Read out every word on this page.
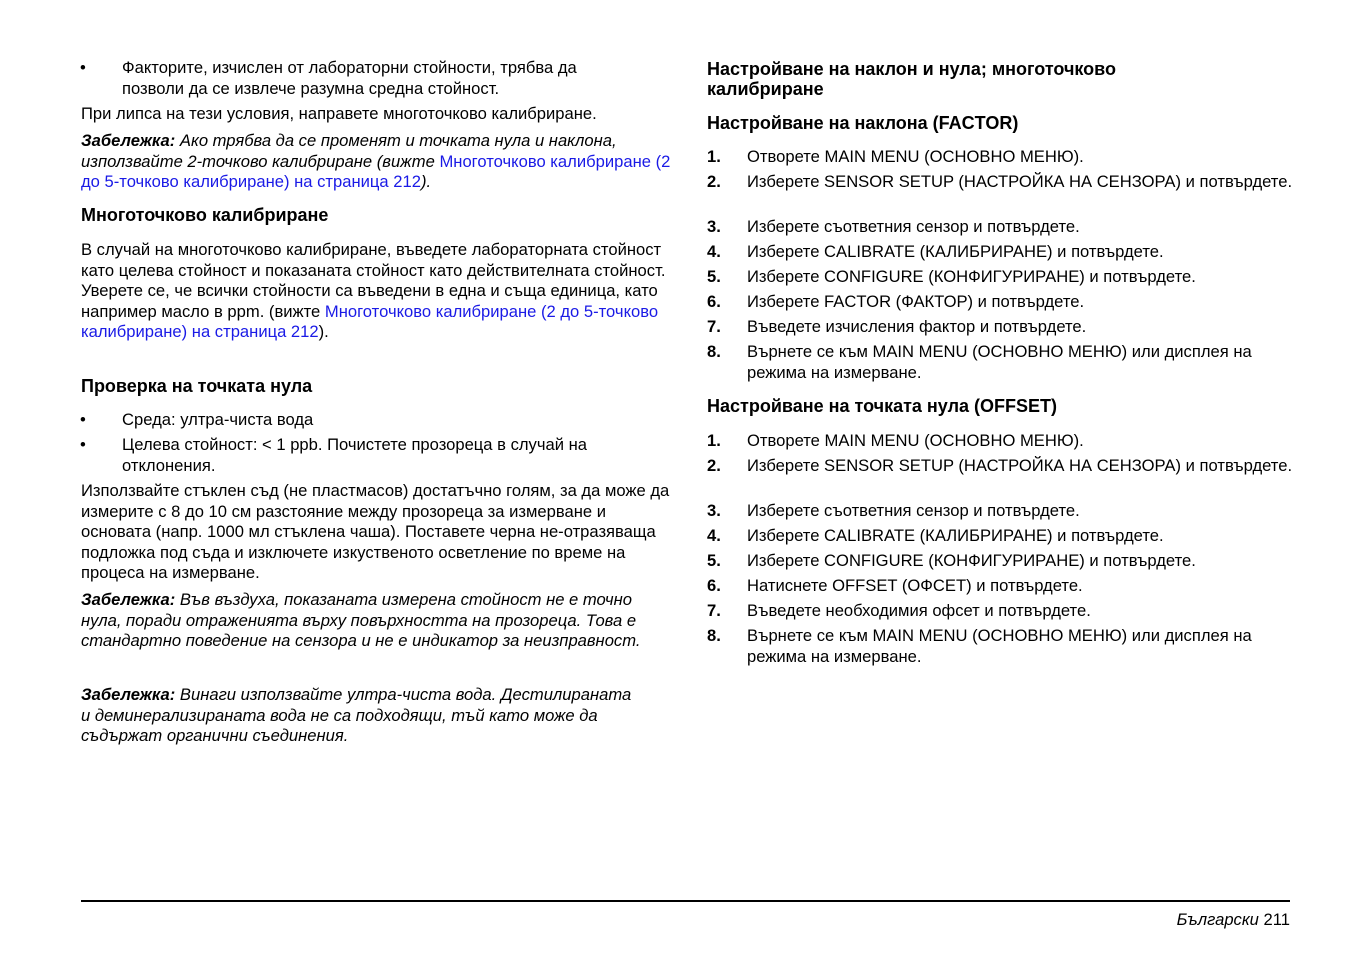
• Факторите, изчислен от лабораторни стойности, трябва да позволи да се извлече разумна средна стойност.

При липса на тези условия, направете многоточково калибриране.

Забележка: Ако трябва да се променят и точката нула и наклона, използвайте 2-точково калибриране (вижте Многоточково калибриране (2 до 5-точково калибриране) на страница 212).

Многоточково калибриране

В случай на многоточково калибриране, въведете лабораторната стойност като целева стойност и показаната стойност като действителната стойност. Уверете се, че всички стойности са въведени в една и съща единица, като например масло в ppm. (вижте Многоточково калибриране (2 до 5-точково калибриране) на страница 212).

Проверка на точката нула
• Среда: ултра-чиста вода

• Целева стойност: < 1 ppb. Почистете прозореца в случай на отклонения.

Използвайте стъклен съд (не пластмасов) достатъчно голям, за да може да измерите с 8 до 10 см разстояние между прозореца за измерване и основата (напр. 1000 мл стъклена чаша). Поставете черна не-отразяваща подложка под съда и изключете изкуственото осветление по време на процеса на измерване.

Забележка: Във въздуха, показаната измерена стойност не е точно нула, поради отраженията върху повърхността на прозореца. Това е стандартно поведение на сензора и не е индикатор за неизправност.

Забележка: Винаги използвайте ултра-чиста вода. Дестилираната и деминерализираната вода не са подходящи, тъй като може да съдържат органични съединения.

Настройване на наклон и нула; многоточково калибриране
Настройване на наклона (FACTOR)
1. Отворете MAIN MENU (ОСНОВНО МЕНЮ).

2. Изберете SENSOR SETUP (НАСТРОЙКА НА СЕНЗОРА) и потвърдете.

3. Изберете съответния сензор и потвърдете.

4. Изберете CALIBRATE (КАЛИБРИРАНЕ) и потвърдете.

5. Изберете CONFIGURE (КОНФИГУРИРАНЕ) и потвърдете.

6. Изберете FACTOR (ФАКТОР) и потвърдете.

7. Въведете изчисления фактор и потвърдете.

8. Върнете се към MAIN MENU (ОСНОВНО МЕНЮ) или дисплея на режима на измерване.

Настройване на точката нула (OFFSET)
1. Отворете MAIN MENU (ОСНОВНО МЕНЮ).

2. Изберете SENSOR SETUP (НАСТРОЙКА НА СЕНЗОРА) и потвърдете.

3. Изберете съответния сензор и потвърдете.

4. Изберете CALIBRATE (КАЛИБРИРАНЕ) и потвърдете.

5. Изберете CONFIGURE (КОНФИГУРИРАНЕ) и потвърдете.

6. Натиснете OFFSET (ОФСЕТ) и потвърдете.

7. Въведете необходимия офсет и потвърдете.

8. Върнете се към MAIN MENU (ОСНОВНО МЕНЮ) или дисплея на режима на измерване.

Български 211
